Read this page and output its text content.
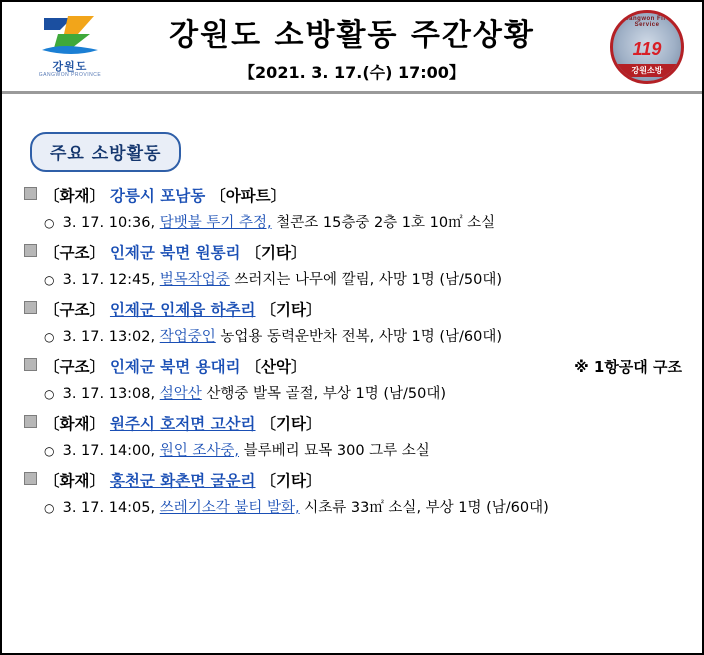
강원도
GANGWON PROVINCE
강원도 소방활동 주간상황
【2021. 3. 17.(수) 17:00】
Gangwon Fire Service
119
강원소방
주요 소방활동
〔화재〕 강릉시 포남동 〔아파트〕
○ 3. 17. 10:36, 담뱃불 투기 추정, 철콘조 15층중 2층 1호 10㎡ 소실
〔구조〕 인제군 북면 원통리 〔기타〕
○ 3. 17. 12:45, 벌목작업중 쓰러지는 나무에 깔림, 사망 1명 (남/50대)
〔구조〕 인제군 인제읍 하추리 〔기타〕
○ 3. 17. 13:02, 작업중인 농업용 동력운반차 전복, 사망 1명 (남/60대)
〔구조〕 인제군 북면 용대리 〔산악〕	※ 1항공대 구조
○ 3. 17. 13:08, 설악산 산행중 발목 골절, 부상 1명 (남/50대)
〔화재〕 원주시 호저면 고산리 〔기타〕
○ 3. 17. 14:00, 원인 조사중, 블루베리 묘목 300 그루 소실
〔화재〕 홍천군 화촌면 굴운리 〔기타〕
○ 3. 17. 14:05, 쓰레기소각 불티 발화, 시초류 33㎡ 소실, 부상 1명 (남/60대)
